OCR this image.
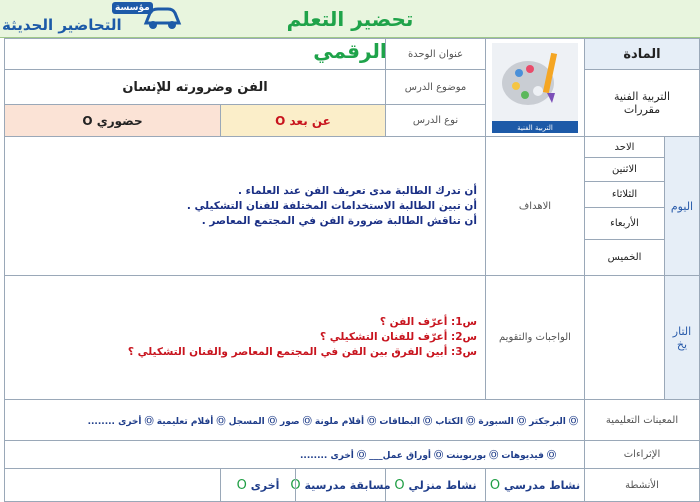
تحضير التعلم الرقمي
مؤسسة
التحاضير الحديثة
المادة
التربية الفنية
مقررات
التربية الفنية
عنوان الوحدة
موضوع الدرس
الفن وضرورته للإنسان
نوع الدرس
عن بعد O
حضوري O
اليوم
الاحد
الاثنين
الثلاثاء
الأربعاء
الخميس
الاهداف
أن تدرك الطالبة مدى تعريف الفن عند العلماء .
أن تبين الطالبة الاستخدامات المختلفة للفنان التشكيلي .
أن تناقش الطالبة ضرورة الفن في المجتمع المعاصر .
التار
يخ
الواجبات والتقويم
س1: أعرّف الفن ؟
س2: أعرّف للفنان التشكيلي ؟
س3: أبين الفرق بين الفن في المجتمع المعاصر والفنان التشكيلي ؟
المعينات التعليمية
Ⓞ البرجكتر Ⓞ السبورة Ⓞ الكتاب Ⓞ البطاقات Ⓞ أقلام ملونة Ⓞ صور Ⓞ المسجل Ⓞ أفلام تعليمية Ⓞ أخرى ........
الإثراءات
Ⓞ فيديوهات Ⓞ بوربوينت Ⓞ أوراق عمل___ Ⓞ أخرى ........
الأنشطة
نشاط مدرسي O
نشاط منزلي O
مسابقة مدرسية O
أخرى O
